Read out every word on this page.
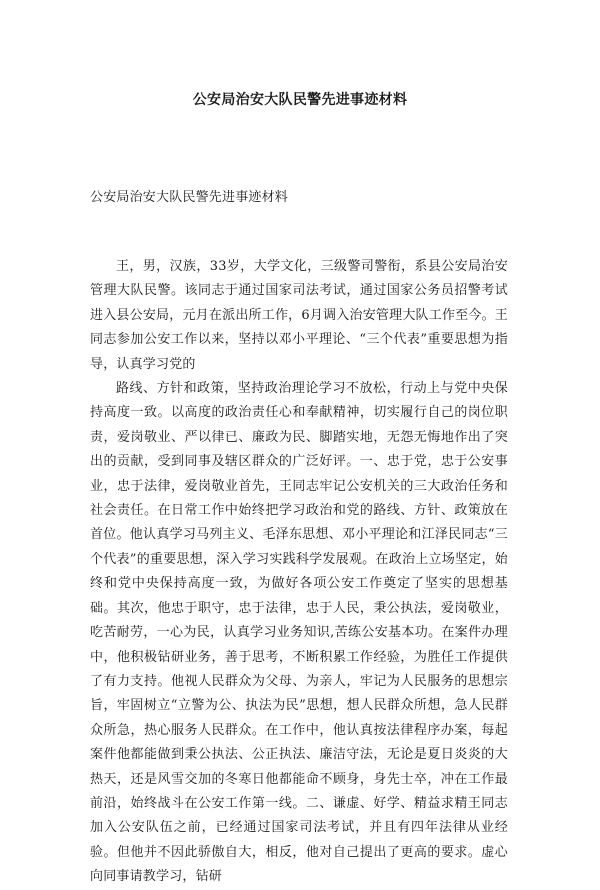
公安局治安大队民警先进事迹材料
公安局治安大队民警先进事迹材料

王，男，汉族，33岁，大学文化，三级警司警衔，系县公安局治安管理大队民警。该同志于通过国家司法考试，通过国家公务员招警考试进入县公安局，元月在派出所工作，6月调入治安管理大队工作至今。王同志参加公安工作以来，坚持以邓小平理论、“三个代表”重要思想为指导，认真学习党的

路线、方针和政策，坚持政治理论学习不放松，行动上与党中央保持高度一致。以高度的政治责任心和奉献精神，切实履行自己的岗位职责，爱岗敬业、严以律已、廉政为民、脚踏实地，无怨无悔地作出了突出的贡献，受到同事及辖区群众的广泛好评。一、忠于党，忠于公安事业，忠于法律，爱岗敬业首先，王同志牢记公安机关的三大政治任务和社会责任。在日常工作中始终把学习政治和党的路线、方针、政策放在首位。他认真学习马列主义、毛泽东思想、邓小平理论和江泽民同志“三个代表”的重要思想，深入学习实践科学发展观。在政治上立场坚定，始终和党中央保持高度一致，为做好各项公安工作奠定了坚实的思想基础。其次，他忠于职守，忠于法律，忠于人民，秉公执法，爱岗敬业，吃苦耐劳，一心为民，认真学习业务知识,苦练公安基本功。在案件办理中，他积极钻研业务，善于思考，不断积累工作经验，为胜任工作提供了有力支持。他视人民群众为父母、为亲人，牢记为人民服务的思想宗旨，牢固树立“立警为公、执法为民”思想，想人民群众所想，急人民群众所急，热心服务人民群众。在工作中，他认真按法律程序办案，每起案件他都能做到秉公执法、公正执法、廉洁守法，无论是夏日炎炎的大热天，还是风雪交加的冬寒日他都能命不顾身，身先士卒，冲在工作最前沿，始终战斗在公安工作第一线。二、谦虚、好学、精益求精王同志加入公安队伍之前，已经通过国家司法考试，并且有四年法律从业经验。但他并不因此骄傲自大，相反，他对自己提出了更高的要求。虚心向同事请教学习，钻研
